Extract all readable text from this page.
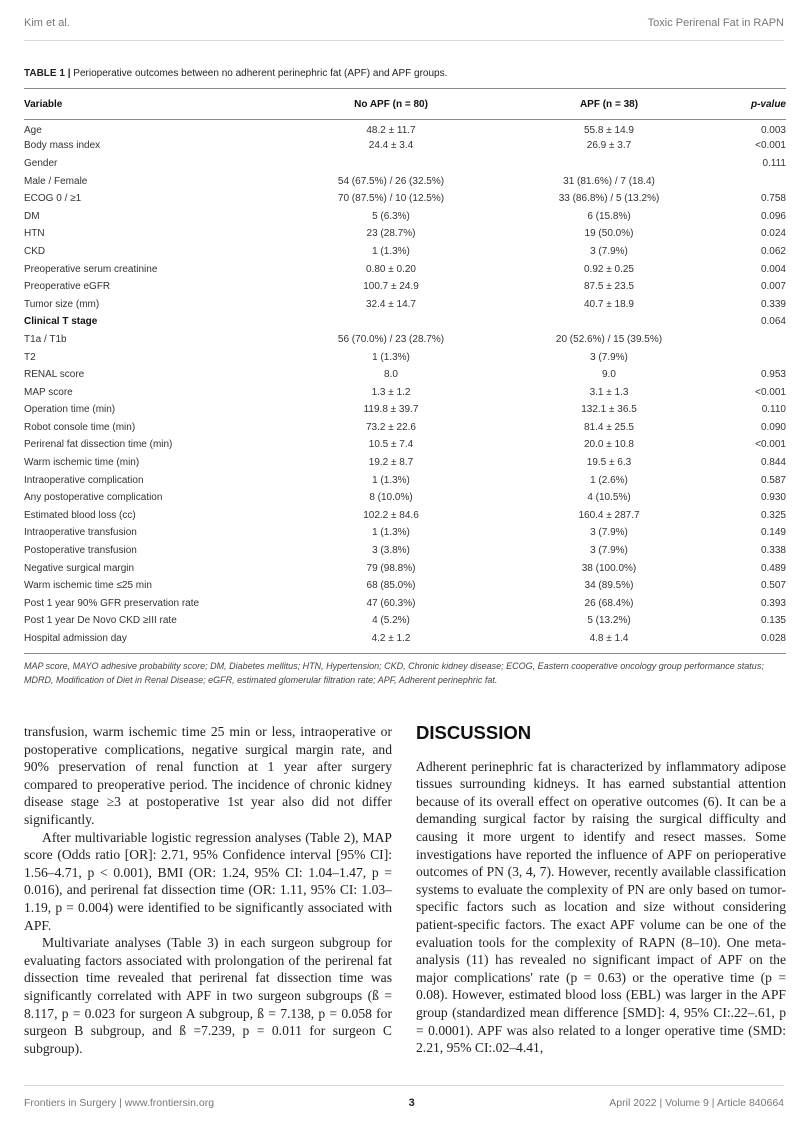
Kim et al.	Toxic Perirenal Fat in RAPN

TABLE 1 | Perioperative outcomes between no adherent perinephric fat (APF) and APF groups.

Variable	No APF (n = 80)	APF (n = 38)	p-value
Age	48.2 ± 11.7	55.8 ± 14.9	0.003
Body mass index	24.4 ± 3.4	26.9 ± 3.7	<0.001
Gender			0.111
Male / Female	54 (67.5%) / 26 (32.5%)	31 (81.6%) / 7 (18.4)	
ECOG 0 / ≥1	70 (87.5%) / 10 (12.5%)	33 (86.8%) / 5 (13.2%)	0.758
DM	5 (6.3%)	6 (15.8%)	0.096
HTN	23 (28.7%)	19 (50.0%)	0.024
CKD	1 (1.3%)	3 (7.9%)	0.062
Preoperative serum creatinine	0.80 ± 0.20	0.92 ± 0.25	0.004
Preoperative eGFR	100.7 ± 24.9	87.5 ± 23.5	0.007
Tumor size (mm)	32.4 ± 14.7	40.7 ± 18.9	0.339
Clinical T stage			0.064
T1a / T1b	56 (70.0%) / 23 (28.7%)	20 (52.6%) / 15 (39.5%)	
T2	1 (1.3%)	3 (7.9%)	
RENAL score	8.0	9.0	0.953
MAP score	1.3 ± 1.2	3.1 ± 1.3	<0.001
Operation time (min)	119.8 ± 39.7	132.1 ± 36.5	0.110
Robot console time (min)	73.2 ± 22.6	81.4 ± 25.5	0.090
Perirenal fat dissection time (min)	10.5 ± 7.4	20.0 ± 10.8	<0.001
Warm ischemic time (min)	19.2 ± 8.7	19.5 ± 6.3	0.844
Intraoperative complication	1 (1.3%)	1 (2.6%)	0.587
Any postoperative complication	8 (10.0%)	4 (10.5%)	0.930
Estimated blood loss (cc)	102.2 ± 84.6	160.4 ± 287.7	0.325
Intraoperative transfusion	1 (1.3%)	3 (7.9%)	0.149
Postoperative transfusion	3 (3.8%)	3 (7.9%)	0.338
Negative surgical margin	79 (98.8%)	38 (100.0%)	0.489
Warm ischemic time ≤25 min	68 (85.0%)	34 (89.5%)	0.507
Post 1 year 90% GFR preservation rate	47 (60.3%)	26 (68.4%)	0.393
Post 1 year De Novo CKD ≥III rate	4 (5.2%)	5 (13.2%)	0.135
Hospital admission day	4.2 ± 1.2	4.8 ± 1.4	0.028
MAP score, MAYO adhesive probability score; DM, Diabetes mellitus; HTN, Hypertension; CKD, Chronic kidney disease; ECOG, Eastern cooperative oncology group performance status; MDRD, Modification of Diet in Renal Disease; eGFR, estimated glomerular filtration rate; APF, Adherent perinephric fat.

transfusion, warm ischemic time 25 min or less, intraoperative or postoperative complications, negative surgical margin rate, and 90% preservation of renal function at 1 year after surgery compared to preoperative period. The incidence of chronic kidney disease stage ≥3 at postoperative 1st year also did not differ significantly.

After multivariable logistic regression analyses (Table 2), MAP score (Odds ratio [OR]: 2.71, 95% Confidence interval [95% CI]: 1.56–4.71, p < 0.001), BMI (OR: 1.24, 95% CI: 1.04–1.47, p = 0.016), and perirenal fat dissection time (OR: 1.11, 95% CI: 1.03–1.19, p = 0.004) were identified to be significantly associated with APF.

Multivariate analyses (Table 3) in each surgeon subgroup for evaluating factors associated with prolongation of the perirenal fat dissection time revealed that perirenal fat dissection time was significantly correlated with APF in two surgeon subgroups (ß = 8.117, p = 0.023 for surgeon A subgroup, ß = 7.138, p = 0.058 for surgeon B subgroup, and ß =7.239, p = 0.011 for surgeon C subgroup).

DISCUSSION

Adherent perinephric fat is characterized by inflammatory adipose tissues surrounding kidneys. It has earned substantial attention because of its overall effect on operative outcomes (6). It can be a demanding surgical factor by raising the surgical difficulty and causing it more urgent to identify and resect masses. Some investigations have reported the influence of APF on perioperative outcomes of PN (3, 4, 7). However, recently available classification systems to evaluate the complexity of PN are only based on tumor-specific factors such as location and size without considering patient-specific factors. The exact APF volume can be one of the evaluation tools for the complexity of RAPN (8–10). One meta-analysis (11) has revealed no significant impact of APF on the major complications' rate (p = 0.63) or the operative time (p = 0.08). However, estimated blood loss (EBL) was larger in the APF group (standardized mean difference [SMD]: 4, 95% CI:.22–.61, p = 0.0001). APF was also related to a longer operative time (SMD: 2.21, 95% CI:.02–4.41,

Frontiers in Surgery | www.frontiersin.org	3	April 2022 | Volume 9 | Article 840664
